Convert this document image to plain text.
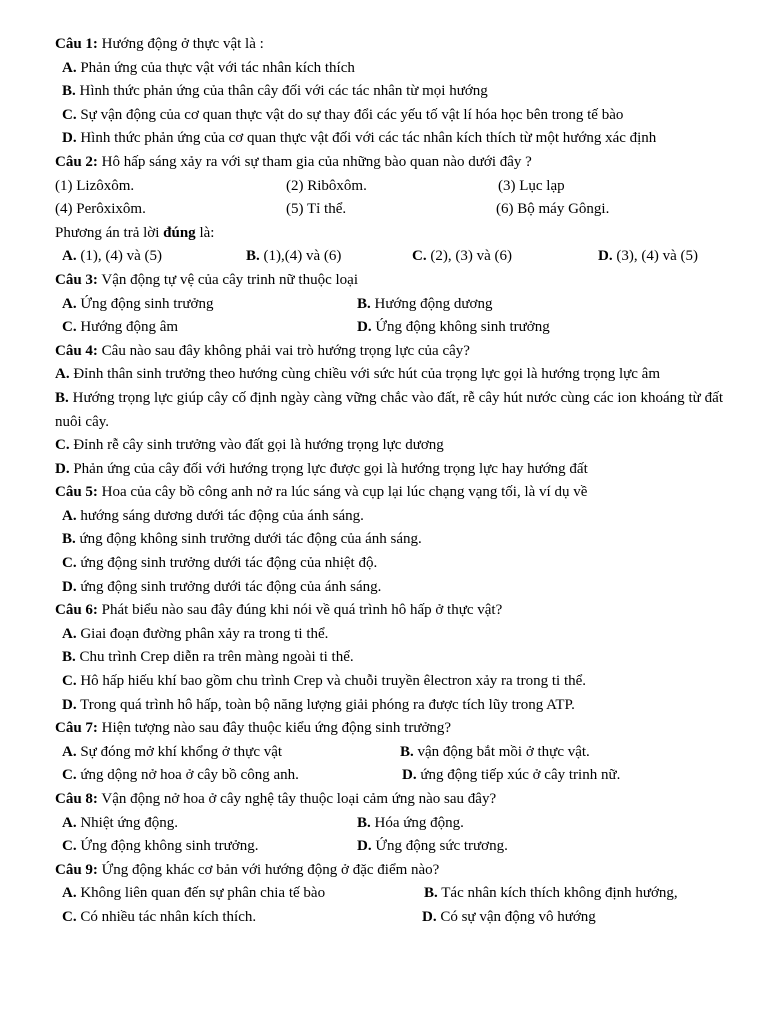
Câu 1: Hướng động ở thực vật là :
A. Phản ứng của thực vật với tác nhân kích thích
B. Hình thức phản ứng của thân cây đối với các tác nhân từ mọi hướng
C. Sự vận động của cơ quan thực vật do sự thay đổi các yếu tố vật lí hóa học bên trong tế bào
D. Hình thức phản ứng của cơ quan thực vật đối với các tác nhân kích thích từ một hướng xác định
Câu 2: Hô hấp sáng xảy ra với sự tham gia của những bào quan nào dưới đây ?
(1) Lizôxôm.	(2) Ribôxôm.	(3) Lục lạp
(4) Perôxixôm.	(5) Tỉ thể.	(6) Bộ máy Gôngi.
Phương án trả lời đúng là:
A. (1), (4) và (5)	B. (1),(4) và (6)	C. (2), (3) và (6)	D. (3), (4) và (5)
Câu 3: Vận động tự vệ của cây trinh nữ thuộc loại
A. Ứng động sinh trưởng	B. Hướng động dương
C. Hướng động âm	D. Ứng động không sinh trưởng
Câu 4: Câu nào sau đây không phải vai trò hướng trọng lực của cây?
A. Đỉnh thân sinh trưởng theo hướng cùng chiều với sức hút của trọng lực gọi là hướng trọng lực âm
B. Hướng trọng lực giúp cây cố định ngày càng vững chắc vào đất, rễ cây hút nước cùng các ion khoáng từ đất nuôi cây.
C. Đỉnh rễ cây sinh trưởng vào đất gọi là hướng trọng lực dương
D. Phản ứng của cây đối với hướng trọng lực được gọi là hướng trọng lực hay hướng đất
Câu 5: Hoa của cây bồ công anh nở ra lúc sáng và cụp lại lúc chạng vạng tối, là ví dụ về
A. hướng sáng dương dưới tác động của ánh sáng.
B. ứng động không sinh trưởng dưới tác động của ánh sáng.
C. ứng động sinh trưởng dưới tác động của nhiệt độ.
D. ứng động sinh trưởng dưới tác động của ánh sáng.
Câu 6: Phát biểu nào sau đây đúng khi nói về quá trình hô hấp ở thực vật?
A. Giai đoạn đường phân xảy ra trong ti thể.
B. Chu trình Crep diễn ra trên màng ngoài ti thể.
C. Hô hấp hiếu khí bao gồm chu trình Crep và chuỗi truyền êlectron xảy ra trong ti thể.
D. Trong quá trình hô hấp, toàn bộ năng lượng giải phóng ra được tích lũy trong ATP.
Câu 7: Hiện tượng nào sau đây thuộc kiểu ứng động sinh trưởng?
A. Sự đóng mở khí khổng ở thực vật	B. vận động bắt mồi ở thực vật.
C. ứng dộng nở hoa ở cây bồ công anh.	D. ứng động tiếp xúc ở cây trinh nữ.
Câu 8: Vận động nở hoa ở cây nghệ tây thuộc loại cảm ứng nào sau đây?
A. Nhiệt ứng động.	B. Hóa ứng động.
C. Ứng động không sinh trưởng.	D. Ứng động sức trương.
Câu 9: Ứng động khác cơ bản với hướng động ở đặc điểm nào?
A. Không liên quan đến sự phân chia tế bào	B. Tác nhân kích thích không định hướng,
C. Có nhiều tác nhân kích thích.	D. Có sự vận động vô hướng
